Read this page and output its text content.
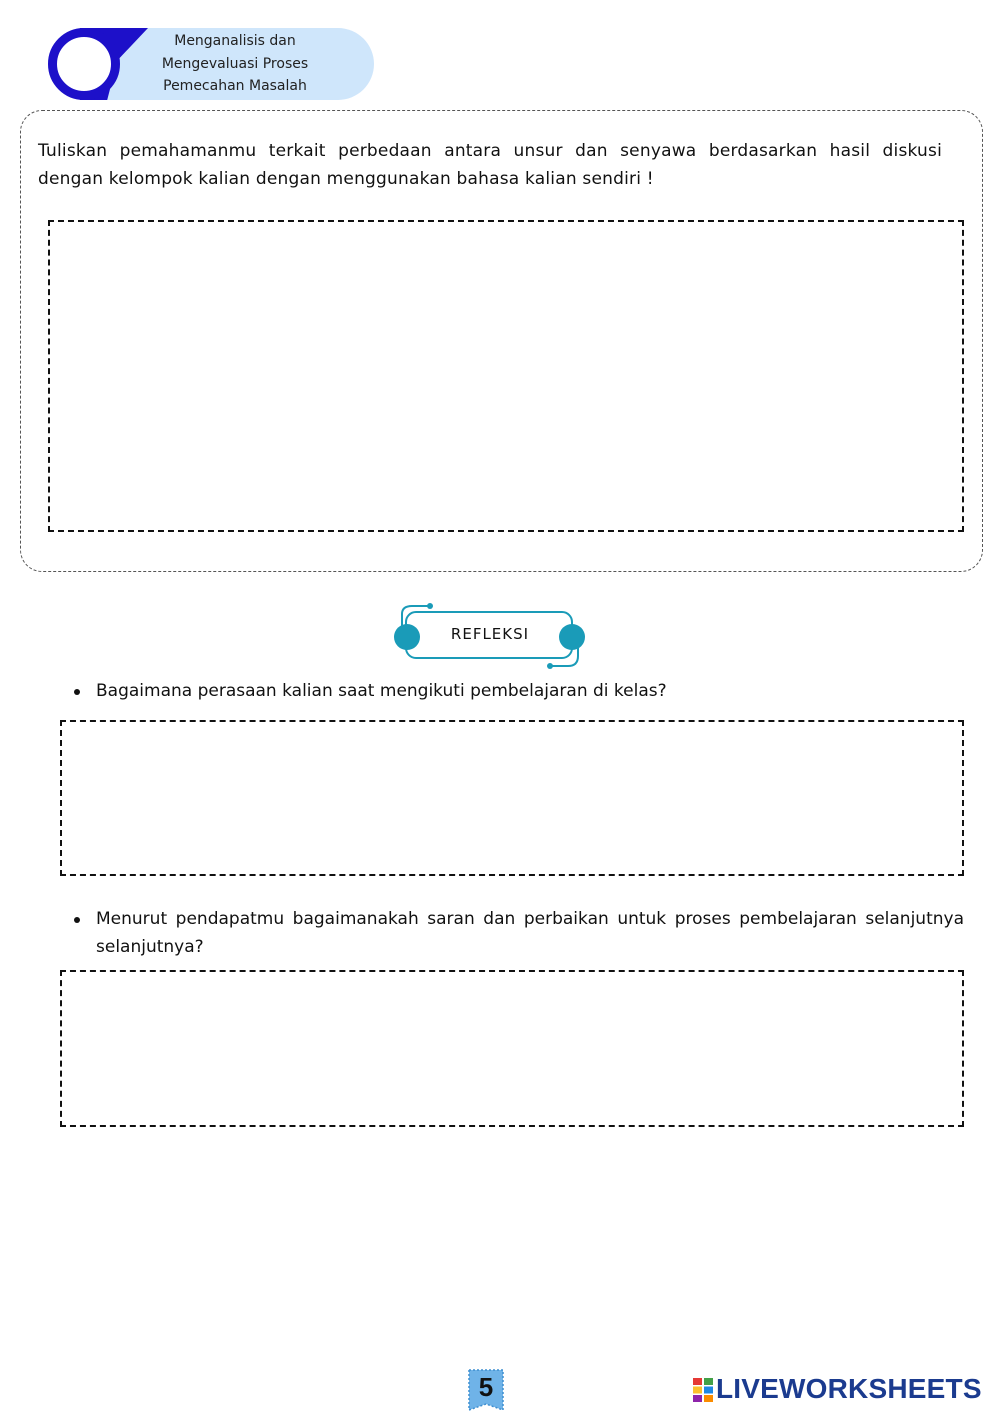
Menganalisis dan
Mengevaluasi Proses
Pemecahan Masalah
Tuliskan pemahamanmu terkait perbedaan antara unsur dan senyawa berdasarkan hasil diskusi dengan kelompok kalian dengan menggunakan bahasa kalian sendiri !
REFLEKSI
Bagaimana perasaan kalian saat mengikuti pembelajaran di kelas?
Menurut pendapatmu bagaimanakah saran dan perbaikan untuk proses pembelajaran selanjutnya selanjutnya?
5	LIVEWORKSHEETS
